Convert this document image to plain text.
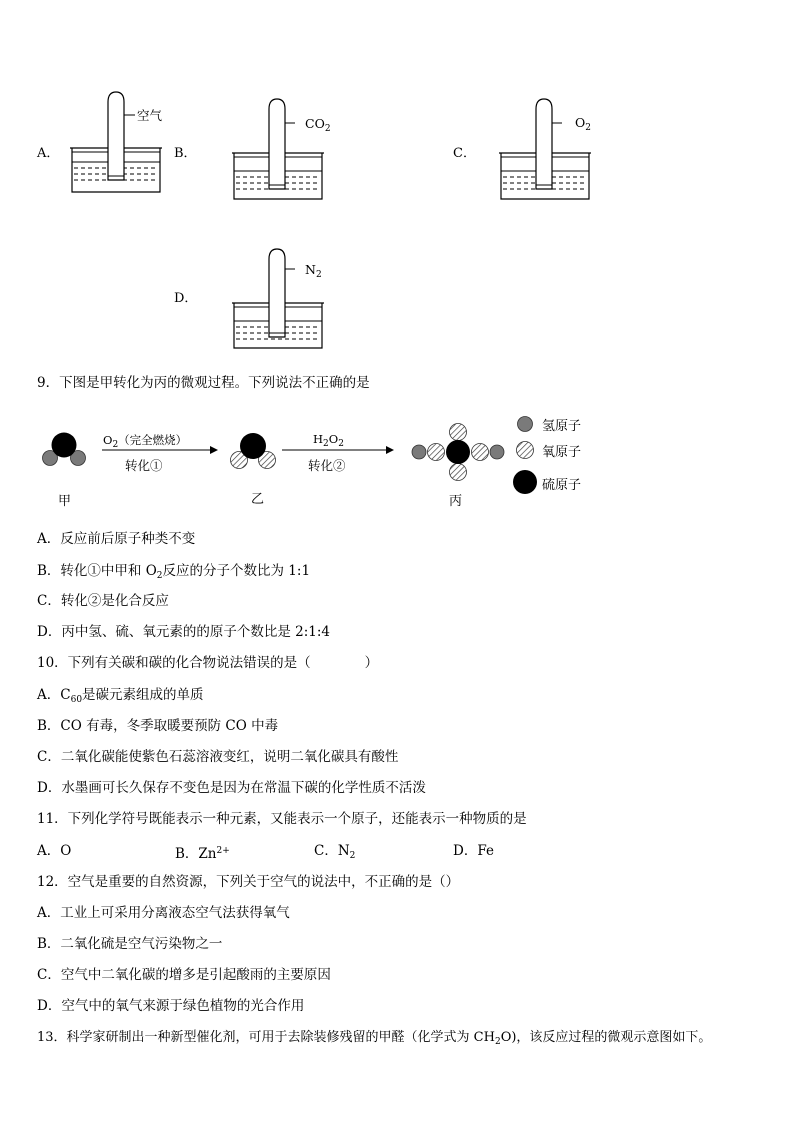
A．
空气
B．
$CO_2$
C．
$O_2$
D．
$N_2$
9．下图是甲转化为丙的微观过程。下列说法不正确的是
$O_2$（完全燃烧）
转化①
$H_2O_2$
转化②
甲	乙	丙
氢原子
氧原子
硫原子
A．反应前后原子种类不变
B．转化①中甲和 $O_2$反应的分子个数比为 1:1
C．转化②是化合反应
D．丙中氢、硫、氧元素的的原子个数比是 2:1:4
10．下列有关碳和碳的化合物说法错误的是（　　　　）
A．$C_{60}$是碳元素组成的单质
B．CO 有毒，冬季取暖要预防 CO 中毒
C．二氧化碳能使紫色石蕊溶液变红，说明二氧化碳具有酸性
D．水墨画可长久保存不变色是因为在常温下碳的化学性质不活泼
11．下列化学符号既能表示一种元素，又能表示一个原子，还能表示一种物质的是
A．O	B．$Zn^{2+}$	C．$N_2$	D．Fe
12．空气是重要的自然资源，下列关于空气的说法中，不正确的是（）
A．工业上可采用分离液态空气法获得氧气
B．二氧化硫是空气污染物之一
C．空气中二氧化碳的增多是引起酸雨的主要原因
D．空气中的氧气来源于绿色植物的光合作用
13．科学家研制出一种新型催化剂，可用于去除装修残留的甲醛（化学式为 $CH_2O$)，该反应过程的微观示意图如下。
